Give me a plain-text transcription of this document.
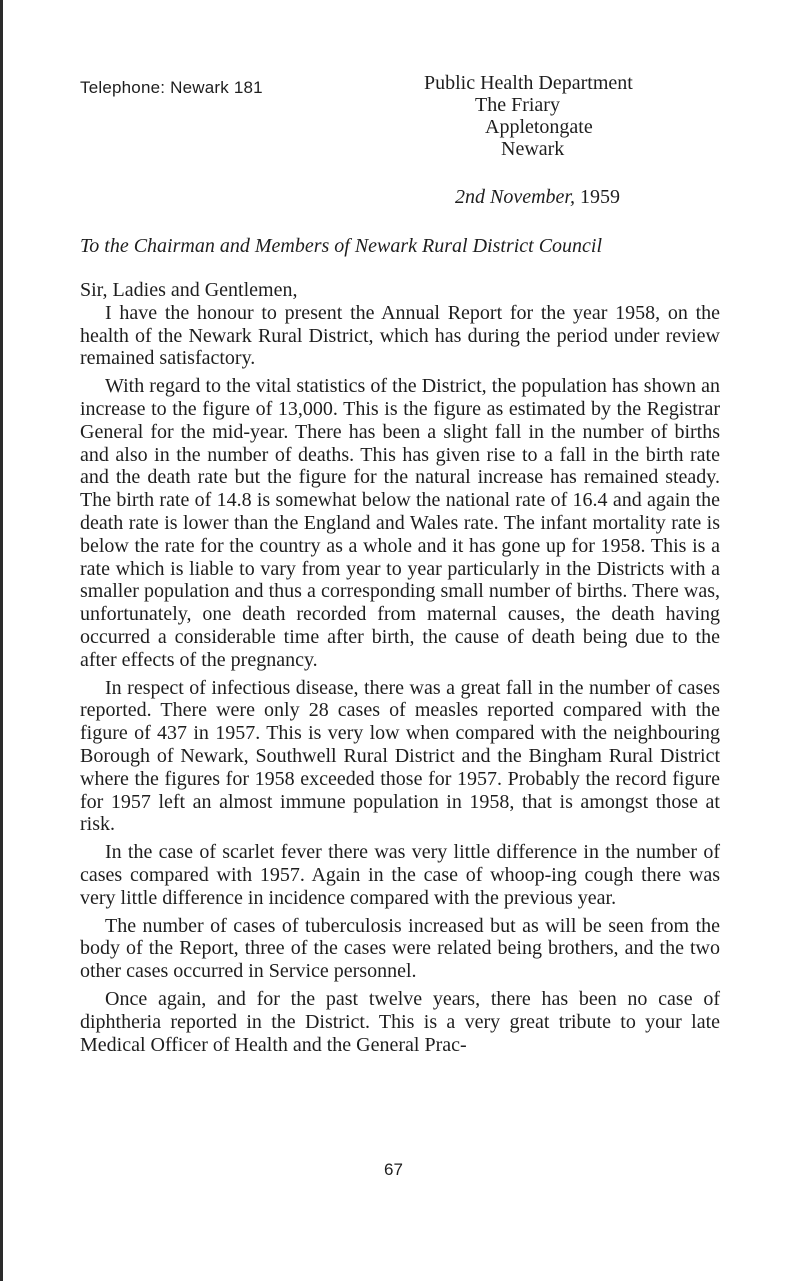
Telephone: Newark 181	Public Health Department
The Friary
Appletongate
Newark
2nd November, 1959
To the Chairman and Members of Newark Rural District Council

Sir, Ladies and Gentlemen,

I have the honour to present the Annual Report for the year 1958, on the health of the Newark Rural District, which has during the period under review remained satisfactory.

With regard to the vital statistics of the District, the population has shown an increase to the figure of 13,000. This is the figure as estimated by the Registrar General for the mid-year. There has been a slight fall in the number of births and also in the number of deaths. This has given rise to a fall in the birth rate and the death rate but the figure for the natural increase has remained steady. The birth rate of 14.8 is somewhat below the national rate of 16.4 and again the death rate is lower than the England and Wales rate. The infant mortality rate is below the rate for the country as a whole and it has gone up for 1958. This is a rate which is liable to vary from year to year particularly in the Districts with a smaller population and thus a corresponding small number of births. There was, unfortunately, one death recorded from maternal causes, the death having occurred a considerable time after birth, the cause of death being due to the after effects of the pregnancy.

In respect of infectious disease, there was a great fall in the number of cases reported. There were only 28 cases of measles reported compared with the figure of 437 in 1957. This is very low when compared with the neighbouring Borough of Newark, Southwell Rural District and the Bingham Rural District where the figures for 1958 exceeded those for 1957. Probably the record figure for 1957 left an almost immune population in 1958, that is amongst those at risk.

In the case of scarlet fever there was very little difference in the number of cases compared with 1957. Again in the case of whoop-ing cough there was very little difference in incidence compared with the previous year.

The number of cases of tuberculosis increased but as will be seen from the body of the Report, three of the cases were related being brothers, and the two other cases occurred in Service personnel.

Once again, and for the past twelve years, there has been no case of diphtheria reported in the District. This is a very great tribute to your late Medical Officer of Health and the General Prac-

67
